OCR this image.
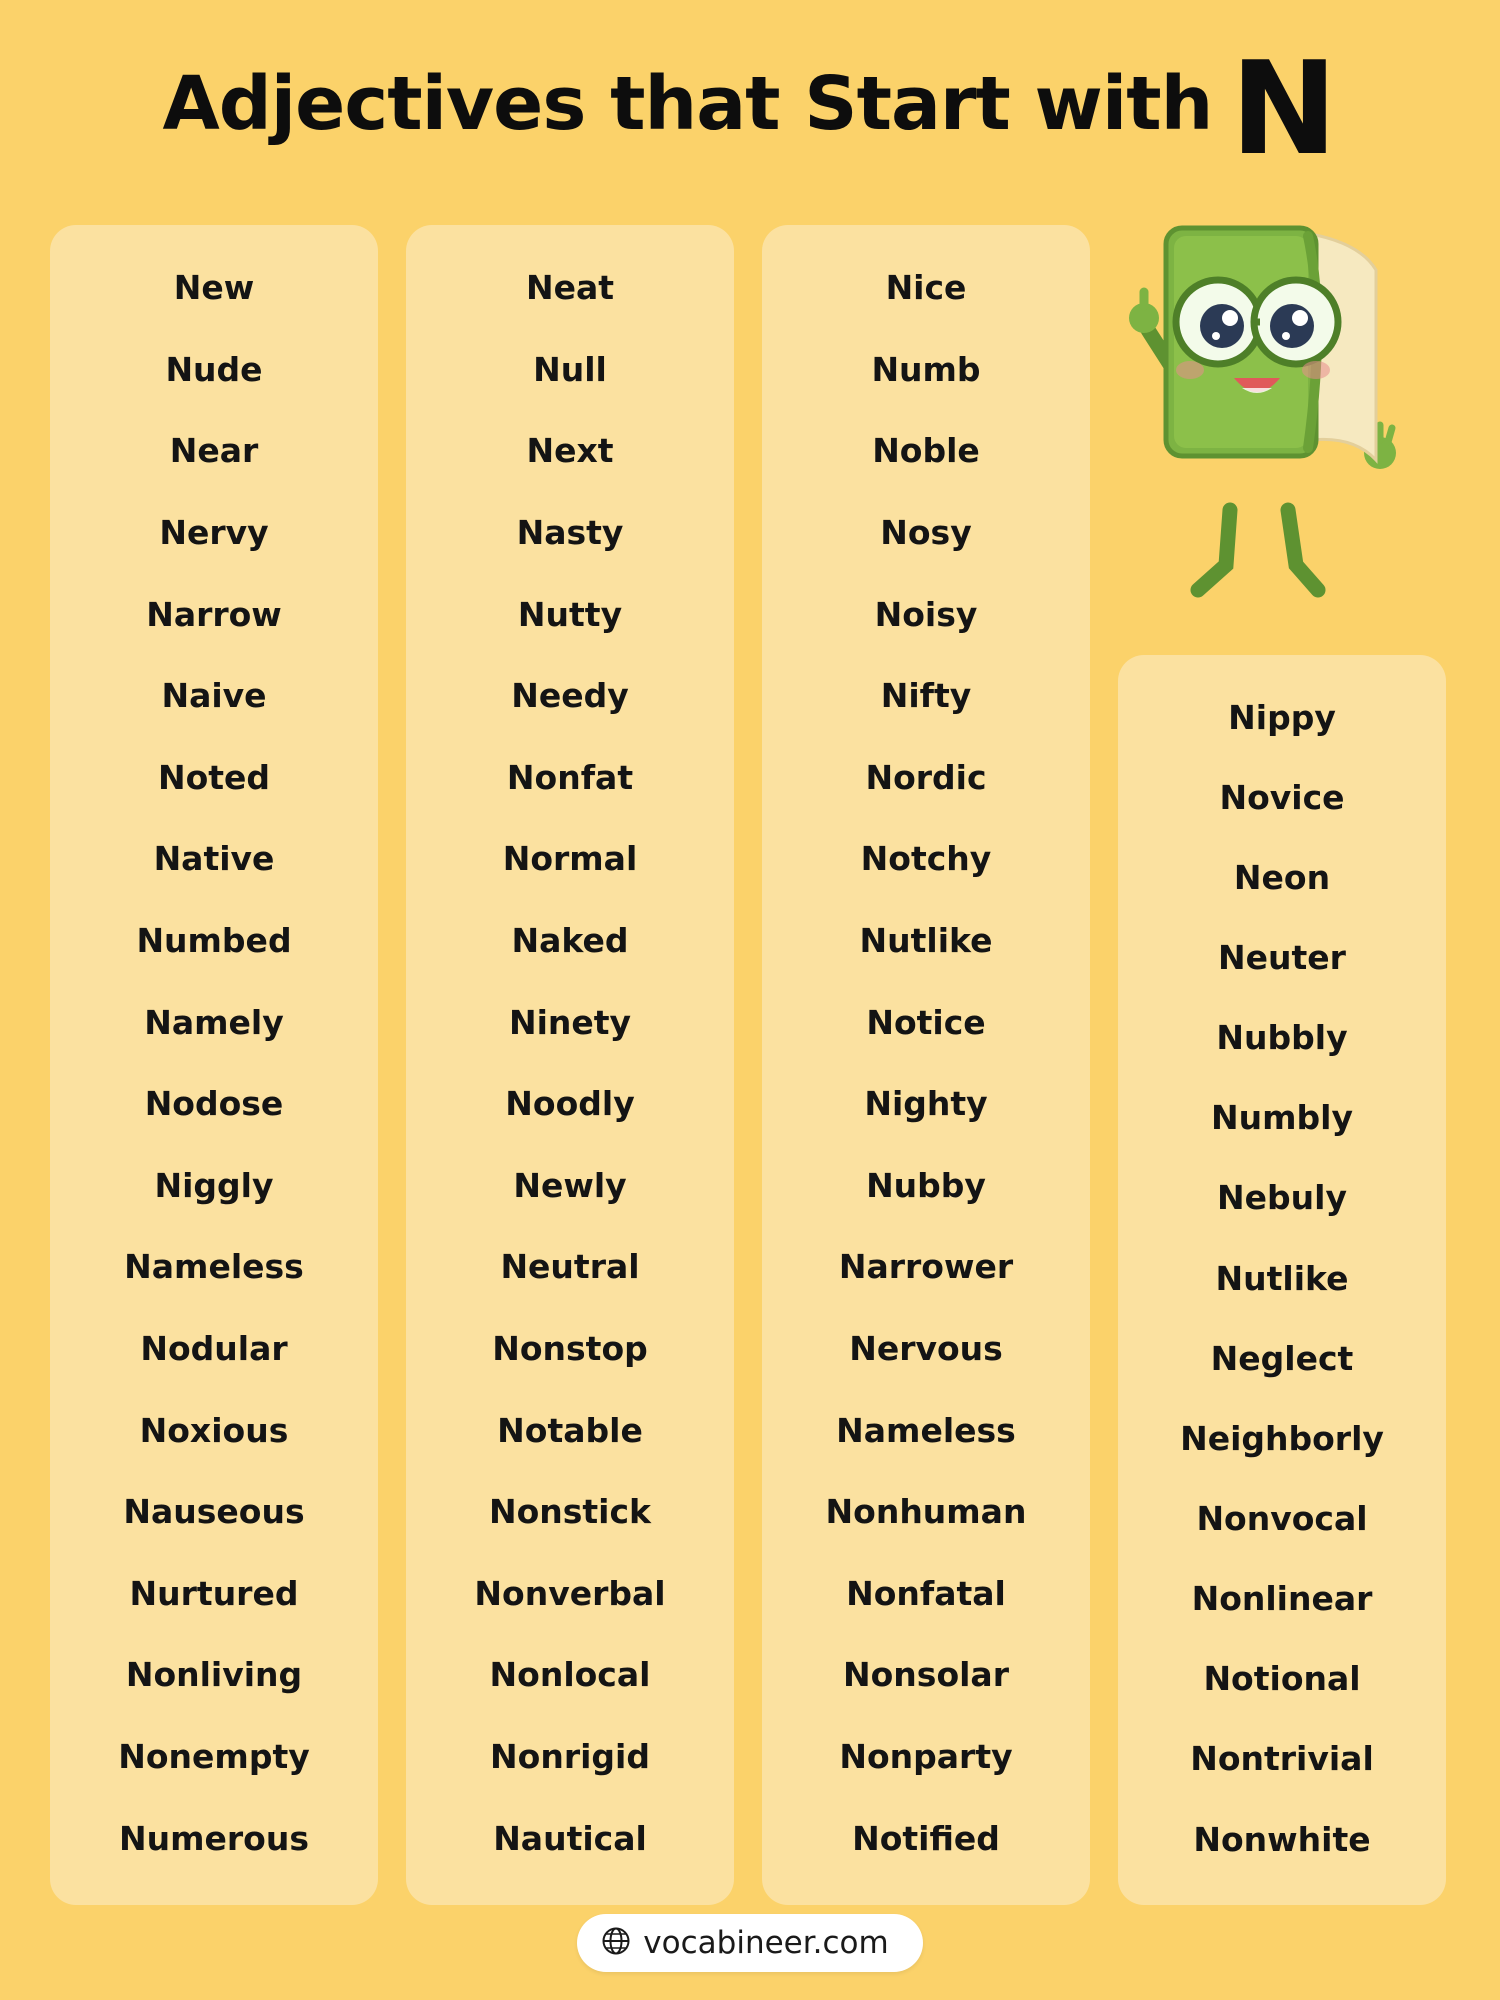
Adjectives that Start with N
New
Nude
Near
Nervy
Narrow
Naive
Noted
Native
Numbed
Namely
Nodose
Niggly
Nameless
Nodular
Noxious
Nauseous
Nurtured
Nonliving
Nonempty
Numerous
Neat
Null
Next
Nasty
Nutty
Needy
Nonfat
Normal
Naked
Ninety
Noodly
Newly
Neutral
Nonstop
Notable
Nonstick
Nonverbal
Nonlocal
Nonrigid
Nautical
Nice
Numb
Noble
Nosy
Noisy
Nifty
Nordic
Notchy
Nutlike
Notice
Nighty
Nubby
Narrower
Nervous
Nameless
Nonhuman
Nonfatal
Nonsolar
Nonparty
Notified
Nippy
Novice
Neon
Neuter
Nubbly
Numbly
Nebuly
Nutlike
Neglect
Neighborly
Nonvocal
Nonlinear
Notional
Nontrivial
Nonwhite
vocabineer.com
